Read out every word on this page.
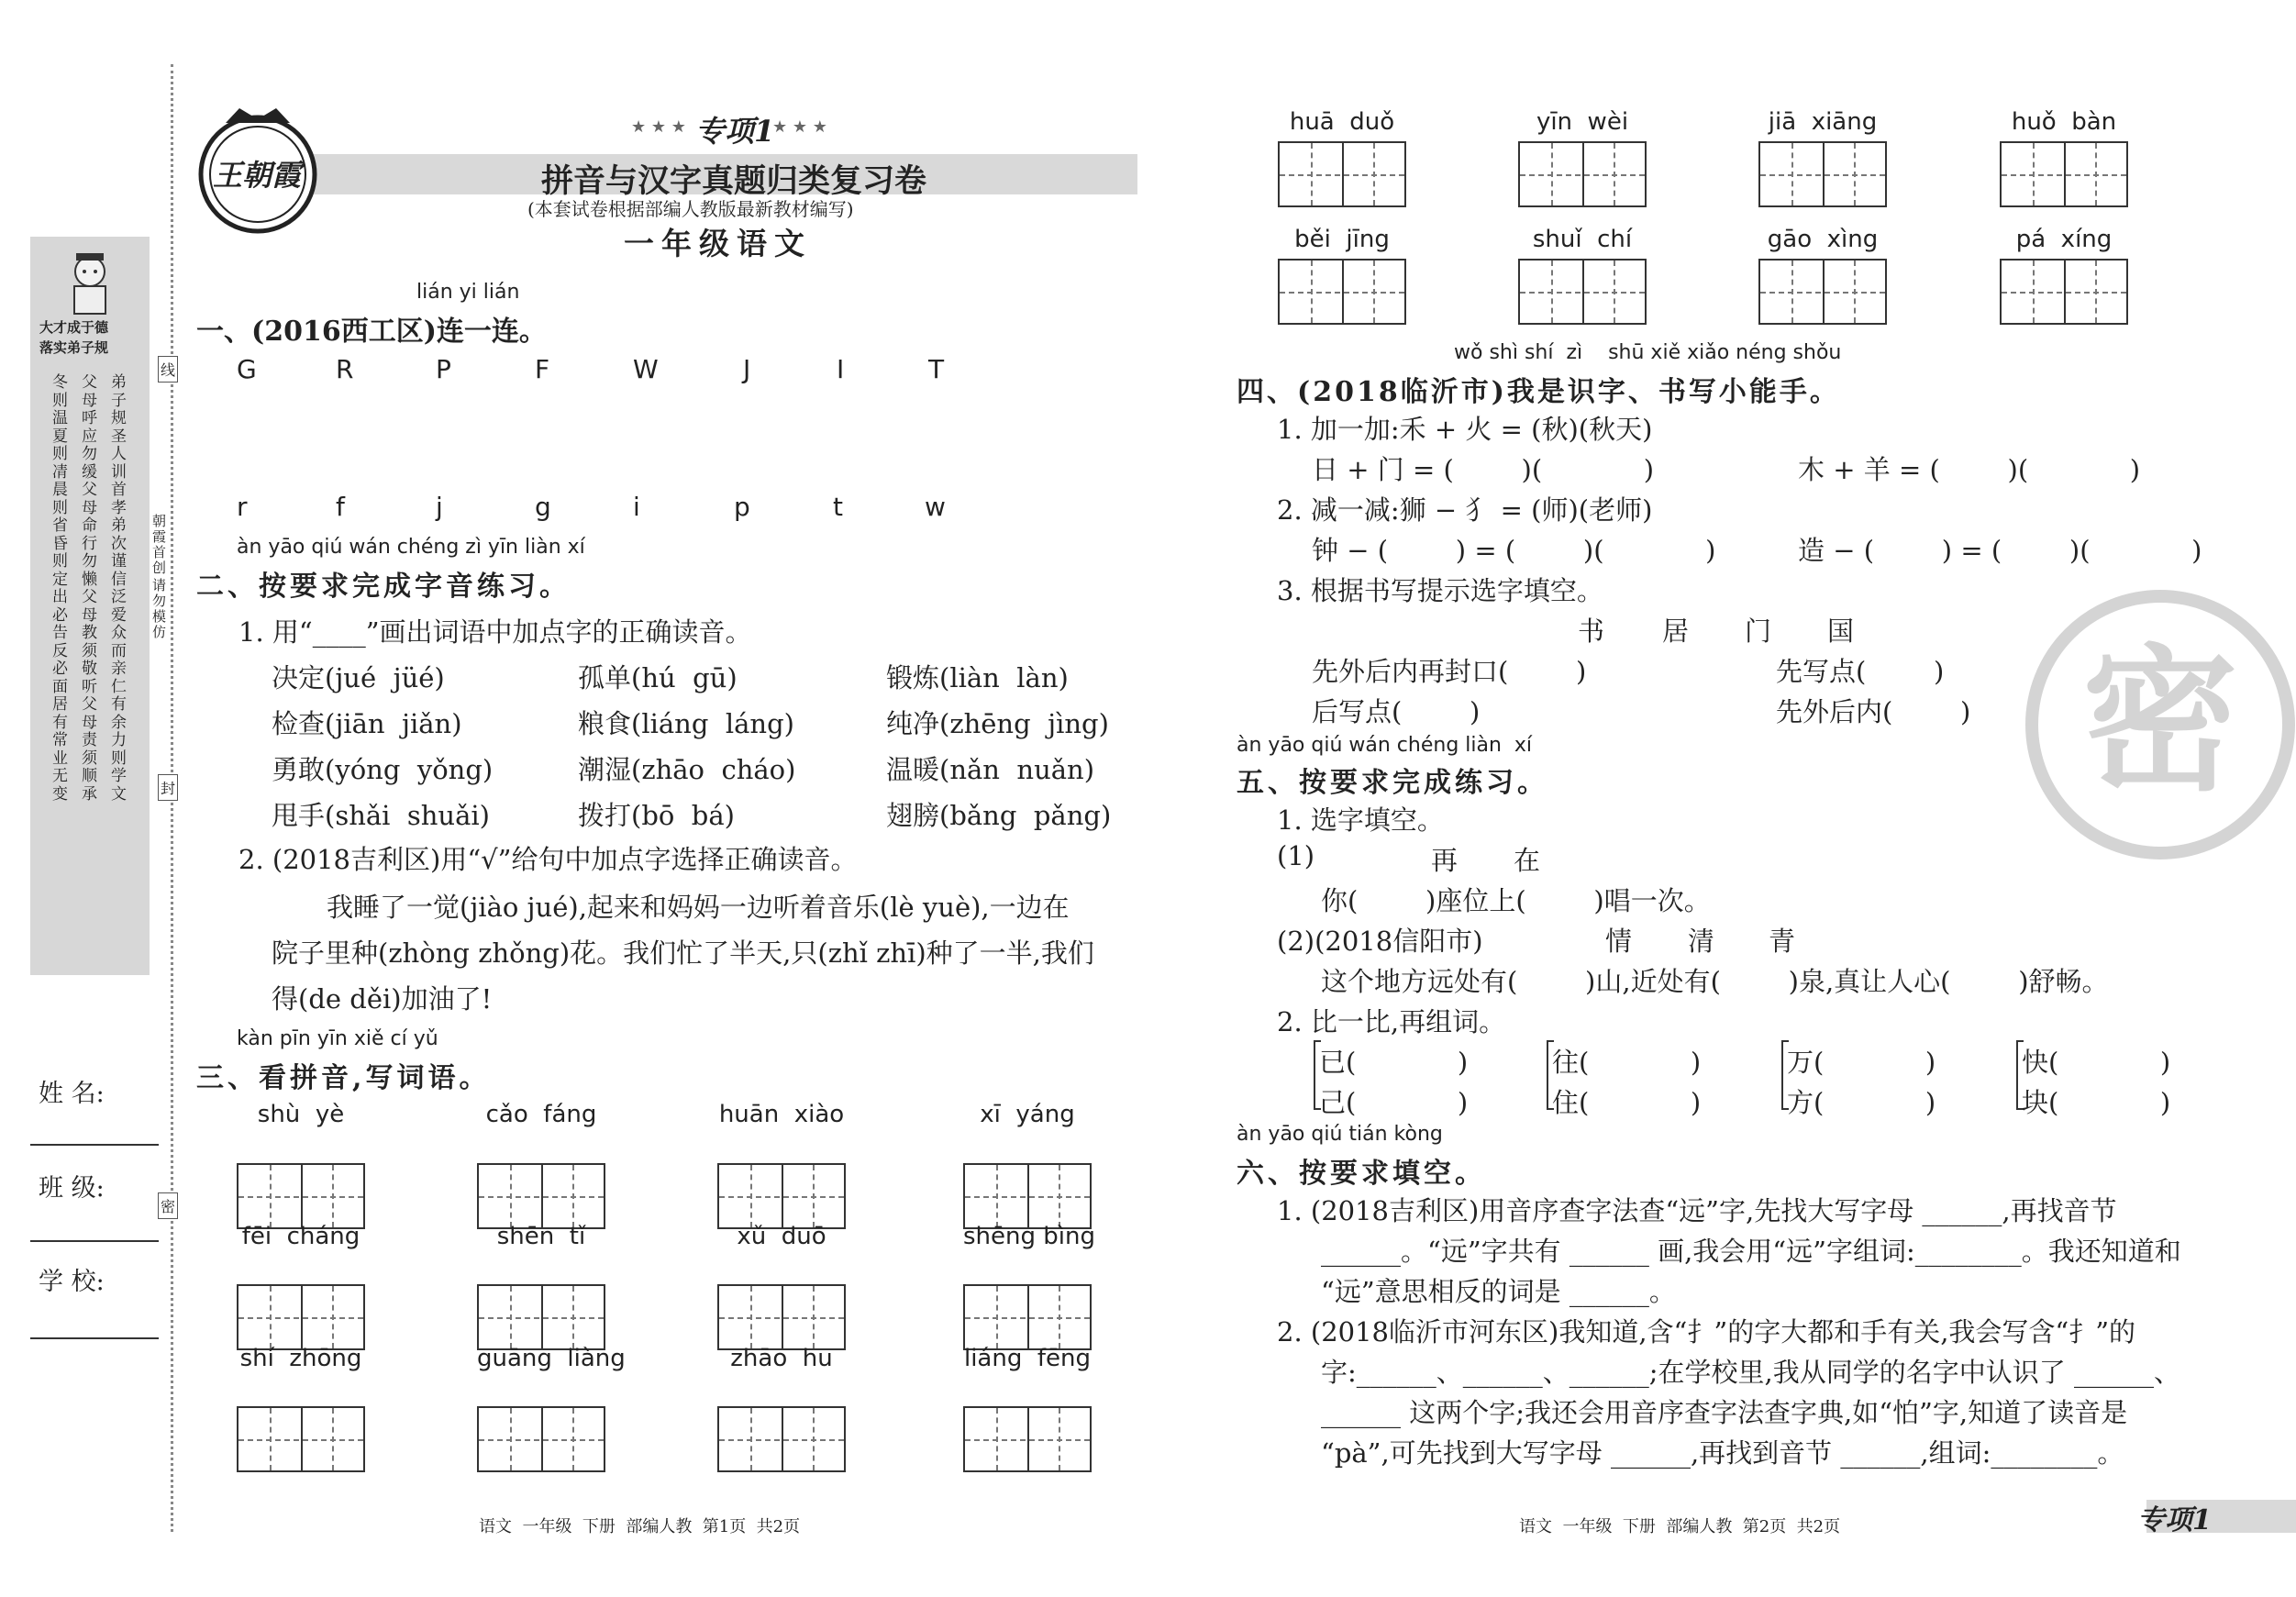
线
封
密
大才成于德
落实弟子规
冬则温夏则凊晨则省昏则定出必告反必面居有常业无变
父母呼应勿缓父母命行勿懒父母教须敬听父母责须顺承
弟子规圣人训首孝弟次谨信泛爱众而亲仁有余力则学文
朝霞首创
请勿模仿
姓 名:
班 级:
学 校:
王朝霞
★ ★ ★ 专项1
★ ★ ★
拼音与汉字真题归类复习卷
(本套试卷根据部编人教版最新教材编写)
一年级语文
lián yi lián
一、(2016西工区)连一连。
àn yāo qiú wán chéng zì yīn liàn xí
二、按要求完成字音练习。
1. 用“____”画出词语中加点字的正确读音。
2. (2018吉利区)用“√”给句中加点字选择正确读音。
我睡了一觉(jiào jué),起来和妈妈一边听着音乐(lè yuè),一边在
院子里种(zhòng zhǒng)花。我们忙了半天,只(zhǐ zhī)种了一半,我们
得(de děi)加油了!
kàn pīn yīn xiě cí yǔ
三、看拼音,写词语。
wǒ shì shí  zì    shū xiě xiǎo néng shǒu
四、(2018临沂市)我是识字、书写小能手。
1. 加一加:禾 + 火 = (秋)(秋天)
日 + 门 = (        )(            )	木 + 羊 = (        )(            )
2. 减一减:狮 − 犭 = (师)(老师)
钟 − (        ) = (        )(            )	造 − (        ) = (        )(            )
3. 根据书写提示选字填空。
书 居 门 国
先外后内再封口(        )	先写点(        )
后写点(        )	先外后内(        ) 密
àn yāo qiú wán chéng liàn  xí
五、按要求完成练习。
1. 选字填空。
(1)	再 在
你(        )座位上(        )唱一次。
(2)(2018信阳市)	情 清 青
这个地方远处有(        )山,近处有(        )泉,真让人心(        )舒畅。
2. 比一比,再组词。
àn yāo qiú tián kòng
六、按要求填空。
1. (2018吉利区)用音序查字法查“远”字,先找大写字母 ______,再找音节
______。“远”字共有 ______ 画,我会用“远”字组词:________。我还知道和
“远”意思相反的词是 ______。
2. (2018临沂市河东区)我知道,含“扌”的字大都和手有关,我会写含“扌”的
字:______、______、______;在学校里,我从同学的名字中认识了 ______、
______ 这两个字;我还会用音序查字法查字典,如“怕”字,知道了读音是
“pà”,可先找到大写字母 ______,再找到音节 ______,组词:________。
语文  一年级  下册  部编人教  第1页  共2页	语文  一年级  下册  部编人教  第2页  共2页	专项1
G	R	P	F	W	J	I	T
r	f	j	g	i	p	t	w
决定(jué  jüé)	孤单(hú  gū)	锻炼(liàn  làn)
检查(jiān  jiǎn)	粮食(liáng  láng)	纯净(zhēng  jìng)
勇敢(yóng  yǒng)	潮湿(zhāo  cháo)	温暖(nǎn  nuǎn)
甩手(shǎi  shuǎi)	拨打(bō  bá)	翅膀(bǎng  pǎng)
shù  yè	cǎo  fáng	huān  xiào	xī  yáng
fēi  cháng	shēn  tǐ	xǔ  duō	shēng bìng
shí  zhōng	guāng  liàng	zhāo  hu	liáng  fēng
huā  duǒ	yīn  wèi	jiā  xiāng	huǒ  bàn
běi  jīng	shuǐ  chí	gāo  xìng	pá  xíng
已(            )
己(            )
往(            )
住(            )
万(            )
方(            )
快(            )
块(            )
